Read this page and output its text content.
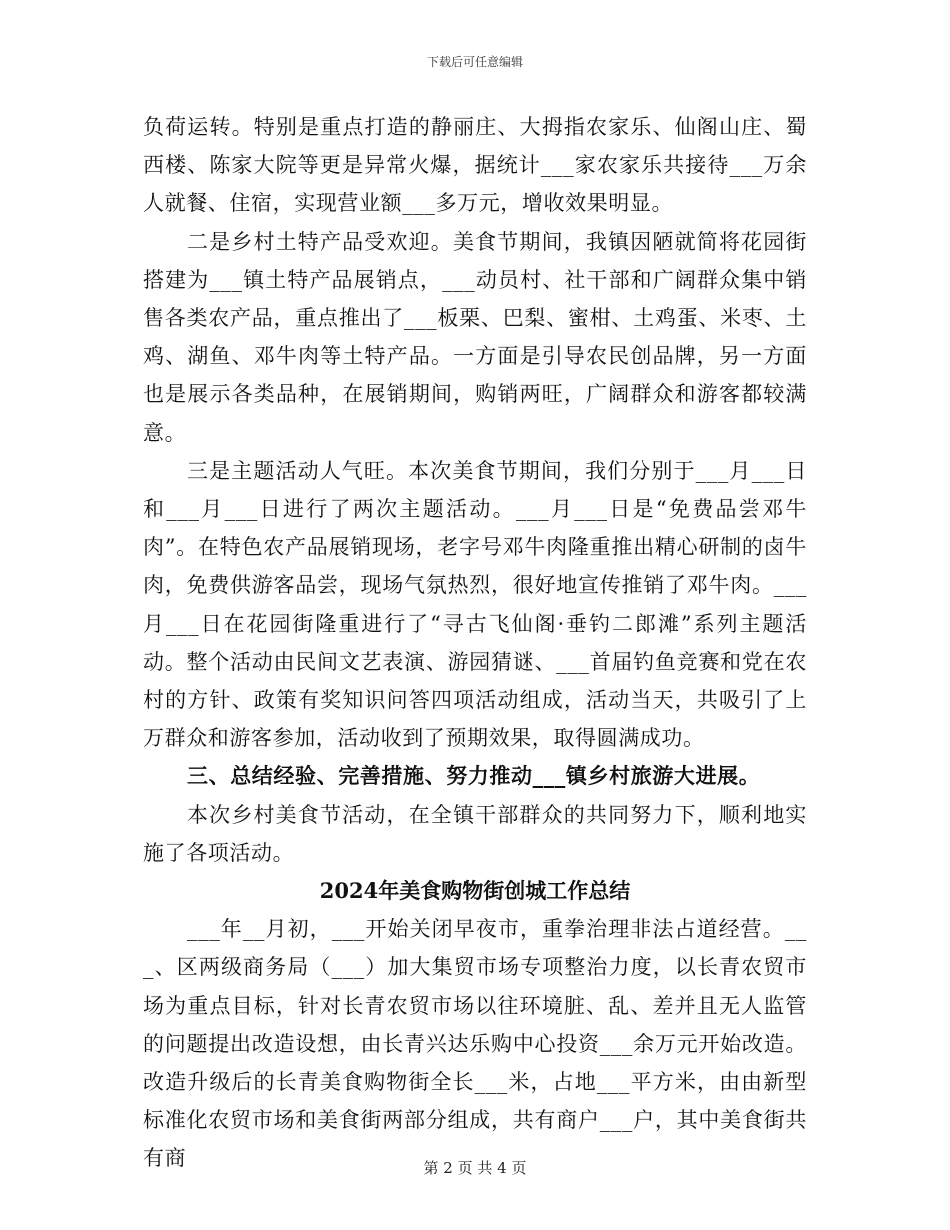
下载后可任意编辑

负荷运转。特别是重点打造的静丽庄、大拇指农家乐、仙阁山庄、蜀西楼、陈家大院等更是异常火爆，据统计___家农家乐共接待___万余人就餐、住宿，实现营业额___多万元，增收效果明显。

二是乡村土特产品受欢迎。美食节期间，我镇因陋就简将花园街搭建为___镇土特产品展销点，___动员村、社干部和广阔群众集中销售各类农产品，重点推出了___板栗、巴梨、蜜柑、土鸡蛋、米枣、土鸡、湖鱼、邓牛肉等土特产品。一方面是引导农民创品牌，另一方面也是展示各类品种，在展销期间，购销两旺，广阔群众和游客都较满意。

三是主题活动人气旺。本次美食节期间，我们分别于___月___日和___月___日进行了两次主题活动。___月___日是“免费品尝邓牛肉”。在特色农产品展销现场，老字号邓牛肉隆重推出精心研制的卤牛肉，免费供游客品尝，现场气氛热烈，很好地宣传推销了邓牛肉。___月___日在花园街隆重进行了“寻古飞仙阁·垂钓二郎滩”系列主题活动。整个活动由民间文艺表演、游园猜谜、___首届钓鱼竞赛和党在农村的方针、政策有奖知识问答四项活动组成，活动当天，共吸引了上万群众和游客参加，活动收到了预期效果，取得圆满成功。

三、总结经验、完善措施、努力推动___镇乡村旅游大进展。

本次乡村美食节活动，在全镇干部群众的共同努力下，顺利地实施了各项活动。

2024年美食购物街创城工作总结

___年__月初，___开始关闭早夜市，重拳治理非法占道经营。___、区两级商务局（___）加大集贸市场专项整治力度，以长青农贸市场为重点目标，针对长青农贸市场以往环境脏、乱、差并且无人监管的问题提出改造设想，由长青兴达乐购中心投资___余万元开始改造。改造升级后的长青美食购物街全长___米，占地___平方米，由由新型标准化农贸市场和美食街两部分组成，共有商户___户，其中美食街共有商	第 2 页 共 4 页
